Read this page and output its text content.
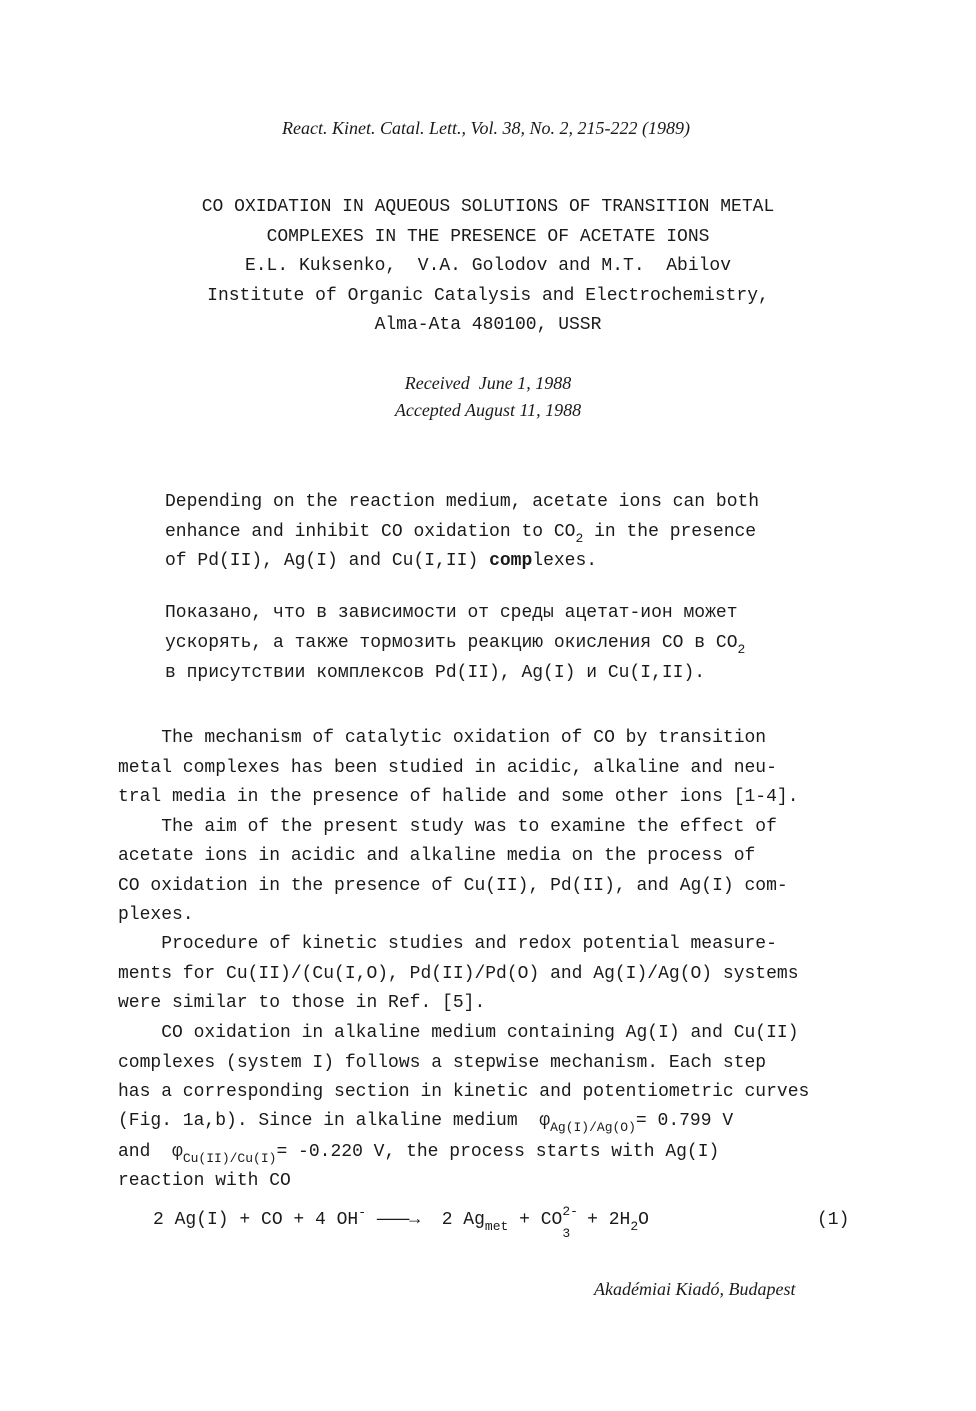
React. Kinet. Catal. Lett., Vol. 38, No. 2, 215-222 (1989)
CO OXIDATION IN AQUEOUS SOLUTIONS OF TRANSITION METAL
COMPLEXES IN THE PRESENCE OF ACETATE IONS
E.L. Kuksenko,  V.A. Golodov and M.T.  Abilov
Institute of Organic Catalysis and Electrochemistry,
Alma-Ata 480100, USSR
Received  June 1, 1988
Accepted August 11, 1988
Depending on the reaction medium, acetate ions can both
enhance and inhibit CO oxidation to $CO_2$ in the presence
of Pd(II), Ag(I) and Cu(I,II) complexes.
Показано, что в зависимости от среды ацетат-ион может
ускорять, а также тормозить реакцию окисления CO в $CO_2$
в присутствии комплексов Pd(II), Ag(I) и Cu(I,II).
The mechanism of catalytic oxidation of CO by transition
metal complexes has been studied in acidic, alkaline and neu-
tral media in the presence of halide and some other ions [1-4].
The aim of the present study was to examine the effect of
acetate ions in acidic and alkaline media on the process of
CO oxidation in the presence of Cu(II), Pd(II), and Ag(I) com-
plexes.
Procedure of kinetic studies and redox potential measure-
ments for Cu(II)/(Cu(I,O), Pd(II)/Pd(O) and Ag(I)/Ag(O) systems
were similar to those in Ref. [5].
CO oxidation in alkaline medium containing Ag(I) and Cu(II)
complexes (system I) follows a stepwise mechanism. Each step
has a corresponding section in kinetic and potentiometric curves
(Fig. 1a,b). Since in alkaline medium  $\varphi_{Ag(I)/Ag(O)}= 0.799$ V
and  $\varphi_{Cu(II)/Cu(I)}= -0.220$ V, the process starts with Ag(I)
reaction with CO
2 Ag(I) + CO + 4 OH- ———→ 2 $Ag_{met}$ + CO 2-
3
+ $2H_2O$	(1)
Akadémiai Kiadó, Budapest
